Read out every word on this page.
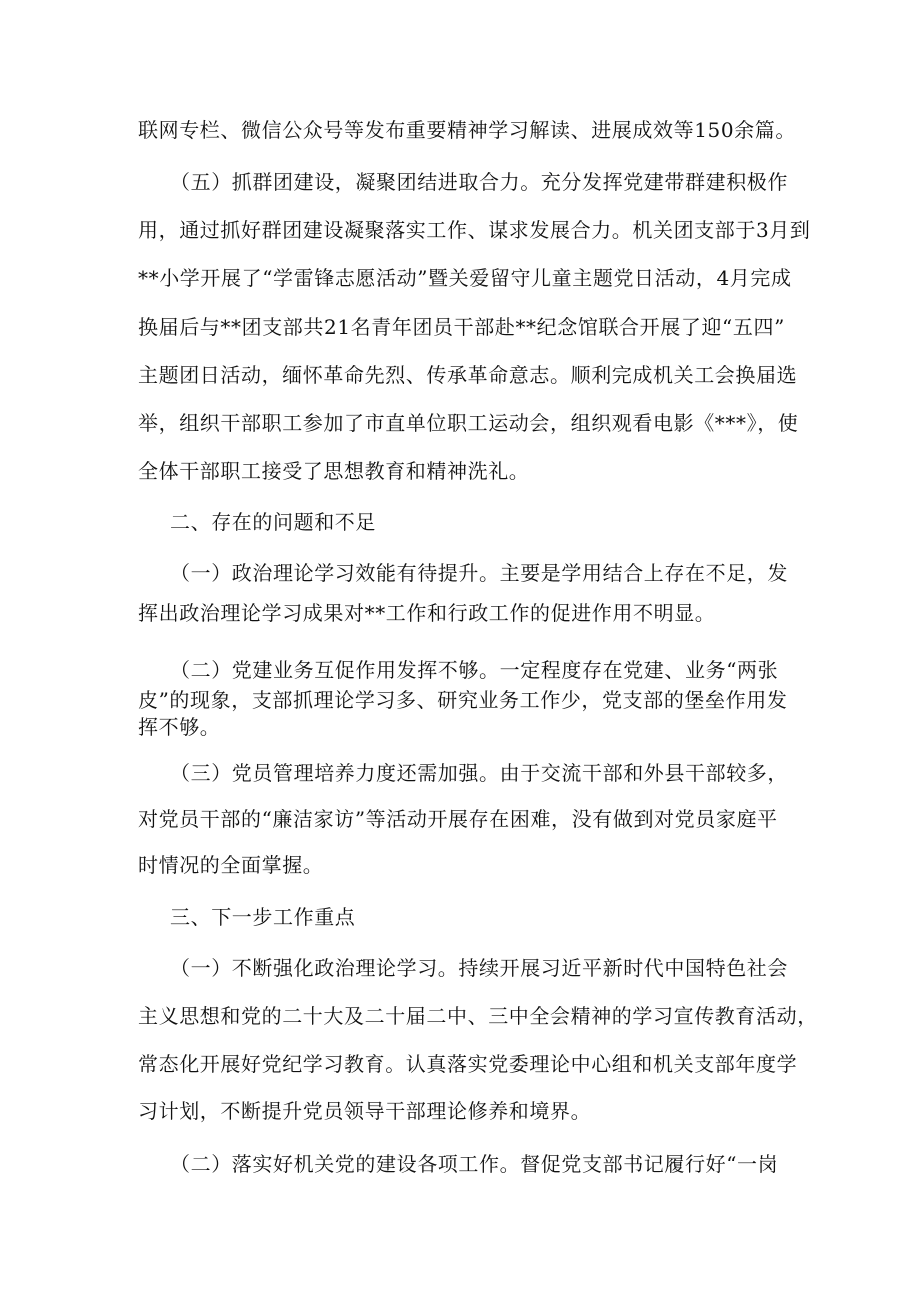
联网专栏、微信公众号等发布重要精神学习解读、进展成效等150余篇。
（五）抓群团建设，凝聚团结进取合力。充分发挥党建带群建积极作
用，通过抓好群团建设凝聚落实工作、谋求发展合力。机关团支部于3月到
**小学开展了“学雷锋志愿活动”暨关爱留守儿童主题党日活动，4月完成
换届后与**团支部共21名青年团员干部赴**纪念馆联合开展了迎“五四”
主题团日活动，缅怀革命先烈、传承革命意志。顺利完成机关工会换届选
举，组织干部职工参加了市直单位职工运动会，组织观看电影《***》，使
全体干部职工接受了思想教育和精神洗礼。
二、存在的问题和不足
（一）政治理论学习效能有待提升。主要是学用结合上存在不足，发
挥出政治理论学习成果对**工作和行政工作的促进作用不明显。
（二）党建业务互促作用发挥不够。一定程度存在党建、业务“两张
皮”的现象，支部抓理论学习多、研究业务工作少，党支部的堡垒作用发
挥不够。
（三）党员管理培养力度还需加强。由于交流干部和外县干部较多，
对党员干部的“廉洁家访”等活动开展存在困难，没有做到对党员家庭平
时情况的全面掌握。
三、下一步工作重点
（一）不断强化政治理论学习。持续开展习近平新时代中国特色社会
主义思想和党的二十大及二十届二中、三中全会精神的学习宣传教育活动，
常态化开展好党纪学习教育。认真落实党委理论中心组和机关支部年度学
习计划，不断提升党员领导干部理论修养和境界。
（二）落实好机关党的建设各项工作。督促党支部书记履行好“一岗
